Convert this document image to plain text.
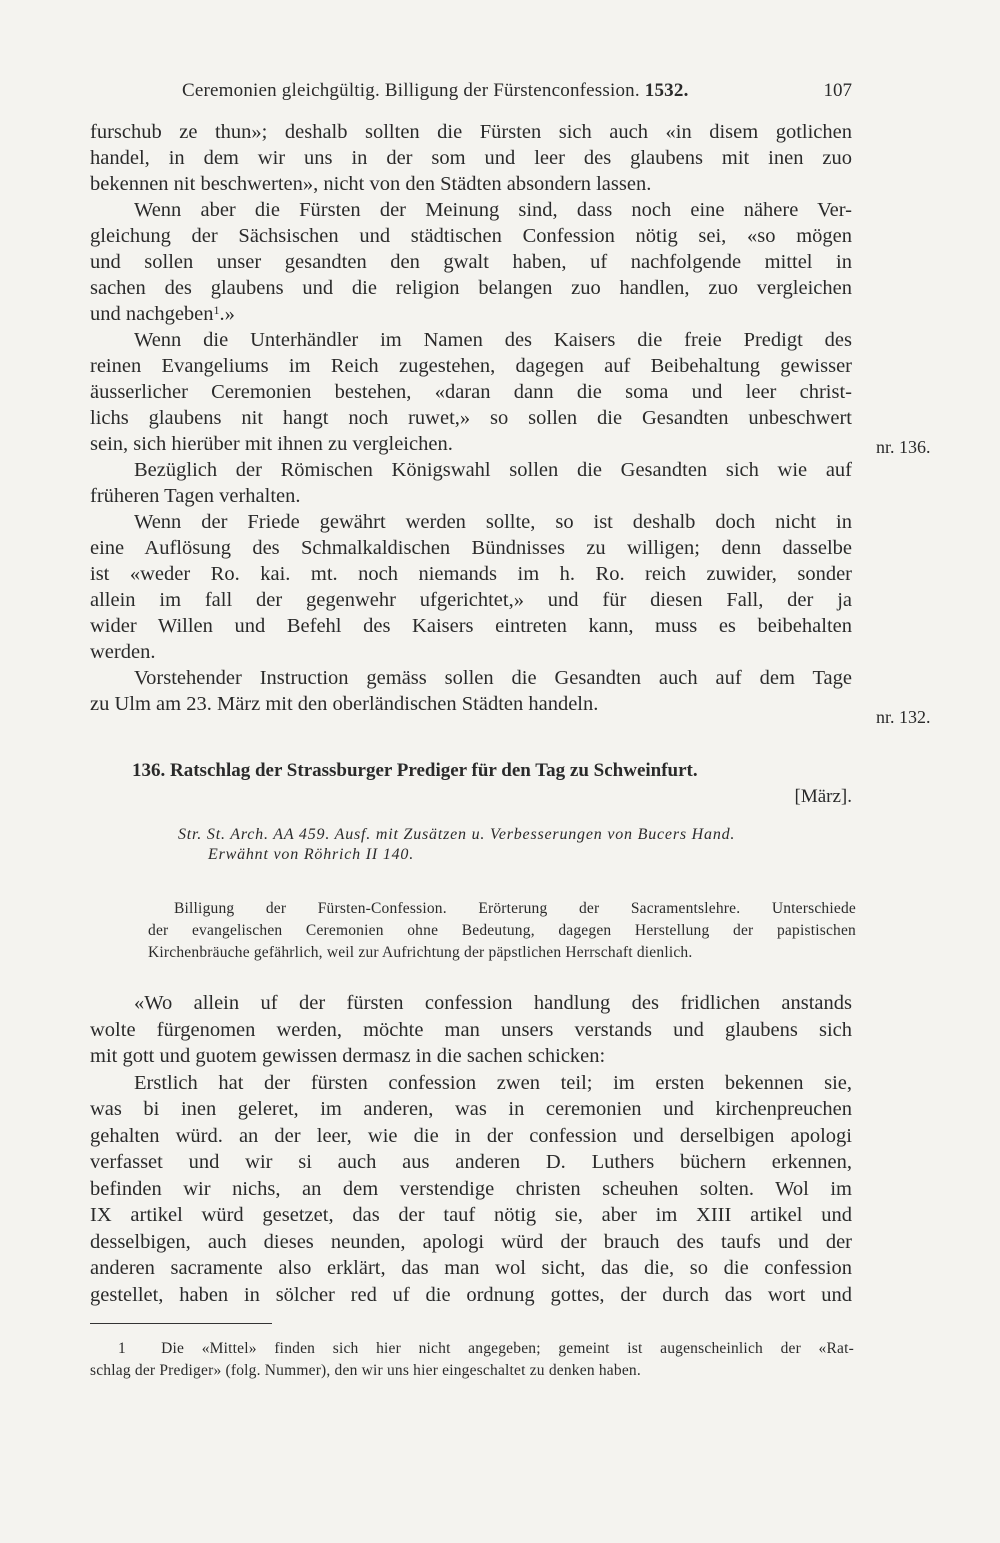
Ceremonien gleichgültig. Billigung der Fürstenconfession. 1532.	107
furschub ze thun»; deshalb sollten die Fürsten sich auch «in disem gotlichen
handel, in dem wir uns in der som und leer des glaubens mit inen zuo
bekennen nit beschwerten», nicht von den Städten absondern lassen.
Wenn aber die Fürsten der Meinung sind, dass noch eine nähere Ver-
gleichung der Sächsischen und städtischen Confession nötig sei, «so mögen
und sollen unser gesandten den gwalt haben, uf nachfolgende mittel in
sachen des glaubens und die religion belangen zuo handlen, zuo vergleichen
und nachgeben$^1$.»
Wenn die Unterhändler im Namen des Kaisers die freie Predigt des
reinen Evangeliums im Reich zugestehen, dagegen auf Beibehaltung gewisser
äusserlicher Ceremonien bestehen, «daran dann die soma und leer christ-
lichs glaubens nit hangt noch ruwet,» so sollen die Gesandten unbeschwert
sein, sich hierüber mit ihnen zu vergleichen.
Bezüglich der Römischen Königswahl sollen die Gesandten sich wie auf
früheren Tagen verhalten.
Wenn der Friede gewährt werden sollte, so ist deshalb doch nicht in
eine Auflösung des Schmalkaldischen Bündnisses zu willigen; denn dasselbe
ist «weder Ro. kai. mt. noch niemands im h. Ro. reich zuwider, sonder
allein im fall der gegenwehr ufgerichtet,» und für diesen Fall, der ja
wider Willen und Befehl des Kaisers eintreten kann, muss es beibehalten
werden.
Vorstehender Instruction gemäss sollen die Gesandten auch auf dem Tage
zu Ulm am 23. März mit den oberländischen Städten handeln.
nr. 136.
nr. 132.
136. Ratschlag der Strassburger Prediger für den Tag zu Schweinfurt.
[März].
Str. St. Arch. AA 459. Ausf. mit Zusätzen u. Verbesserungen von Bucers Hand.
Erwähnt von Röhrich II 140.
Billigung der Fürsten-Confession. Erörterung der Sacramentslehre. Unterschiede
der evangelischen Ceremonien ohne Bedeutung, dagegen Herstellung der papistischen
Kirchenbräuche gefährlich, weil zur Aufrichtung der päpstlichen Herrschaft dienlich.
«Wo allein uf der fürsten confession handlung des fridlichen anstands
wolte fürgenomen werden, möchte man unsers verstands und glaubens sich
mit gott und guotem gewissen dermasz in die sachen schicken:
Erstlich hat der fürsten confession zwen teil; im ersten bekennen sie,
was bi inen geleret, im anderen, was in ceremonien und kirchenpreuchen
gehalten würd. an der leer, wie die in der confession und derselbigen apologi
verfasset und wir si auch aus anderen D. Luthers büchern erkennen,
befinden wir nichs, an dem verstendige christen scheuhen solten. Wol im
IX artikel würd gesetzet, das der tauf nötig sie, aber im XIII artikel und
desselbigen, auch dieses neunden, apologi würd der brauch des taufs und der
anderen sacramente also erklärt, das man wol sicht, das die, so die confession
gestellet, haben in sölcher red uf die ordnung gottes, der durch das wort und
1 Die «Mittel» finden sich hier nicht angegeben; gemeint ist augenscheinlich der «Rat-
schlag der Prediger» (folg. Nummer), den wir uns hier eingeschaltet zu denken haben.
